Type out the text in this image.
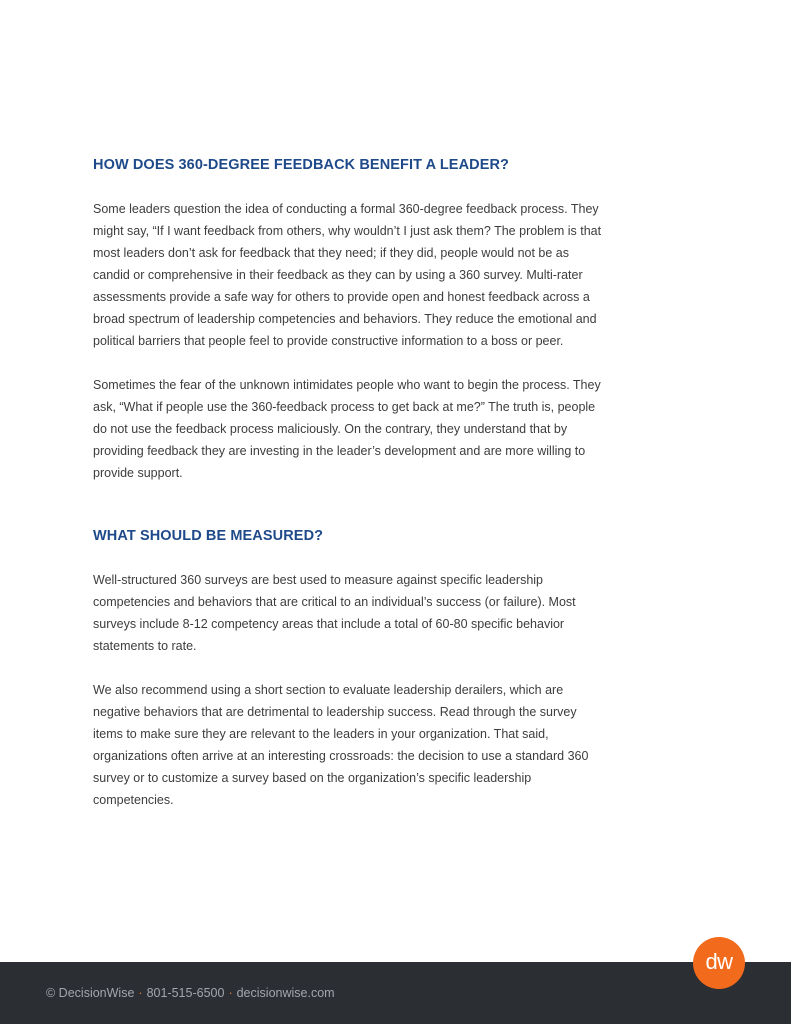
HOW DOES 360-DEGREE FEEDBACK BENEFIT A LEADER?

Some leaders question the idea of conducting a formal 360-degree feedback process. They might say, “If I want feedback from others, why wouldn’t I just ask them? The problem is that most leaders don’t ask for feedback that they need; if they did, people would not be as candid or comprehensive in their feedback as they can by using a 360 survey. Multi-rater assessments provide a safe way for others to provide open and honest feedback across a broad spectrum of leadership competencies and behaviors. They reduce the emotional and political barriers that people feel to provide constructive information to a boss or peer.

Sometimes the fear of the unknown intimidates people who want to begin the process. They ask, “What if people use the 360-feedback process to get back at me?” The truth is, people do not use the feedback process maliciously. On the contrary, they understand that by providing feedback they are investing in the leader’s development and are more willing to provide support.

WHAT SHOULD BE MEASURED?

Well-structured 360 surveys are best used to measure against specific leadership competencies and behaviors that are critical to an individual’s success (or failure). Most surveys include 8-12 competency areas that include a total of 60-80 specific behavior statements to rate.

We also recommend using a short section to evaluate leadership derailers, which are negative behaviors that are detrimental to leadership success. Read through the survey items to make sure they are relevant to the leaders in your organization. That said, organizations often arrive at an interesting crossroads: the decision to use a standard 360 survey or to customize a survey based on the organization’s specific leadership competencies.

© DecisionWise · 801-515-6500 · decisionwise.com
dw
